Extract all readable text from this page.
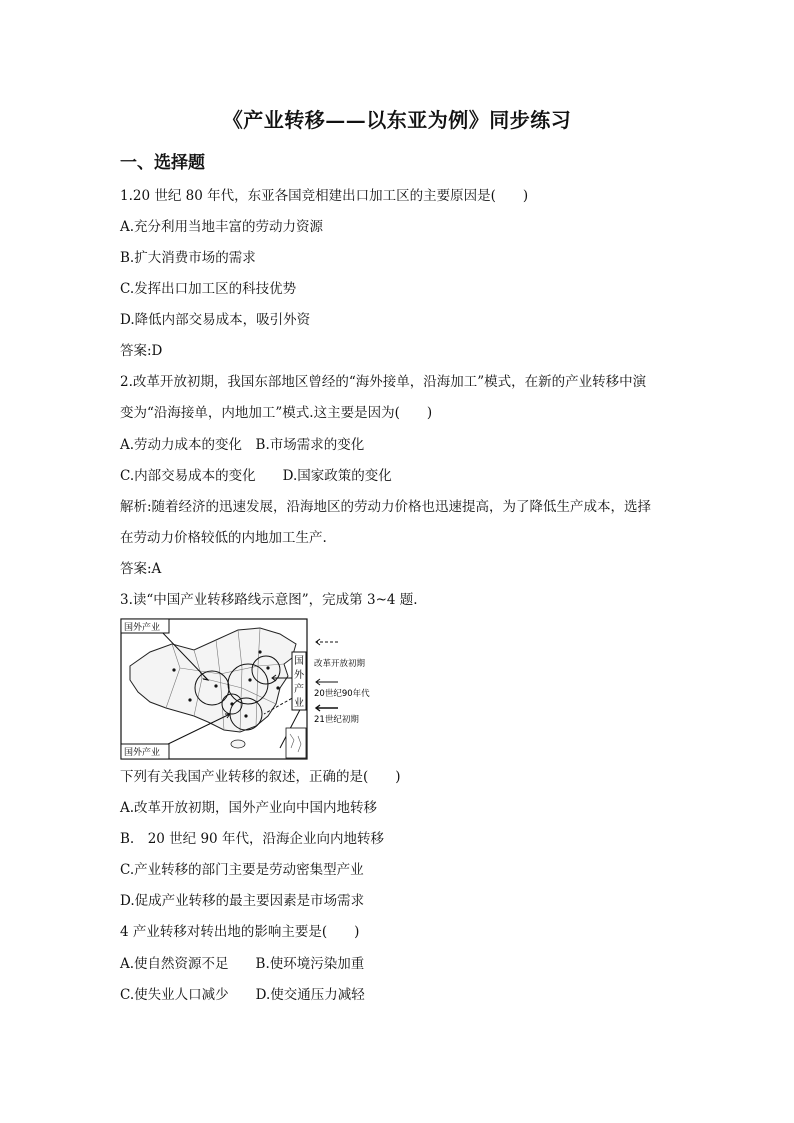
《产业转移——以东亚为例》同步练习
一、选择题
1.20 世纪 80 年代，东亚各国竞相建出口加工区的主要原因是(　　)
A.充分利用当地丰富的劳动力资源
B.扩大消费市场的需求
C.发挥出口加工区的科技优势
D.降低内部交易成本，吸引外资
答案:D
2.改革开放初期，我国东部地区曾经的“海外接单，沿海加工”模式，在新的产业转移中演
变为“沿海接单，内地加工”模式.这主要是因为(　　)
A.劳动力成本的变化　B.市场需求的变化
C.内部交易成本的变化　　D.国家政策的变化
解析:随着经济的迅速发展，沿海地区的劳动力价格也迅速提高，为了降低生产成本，选择
在劳动力价格较低的内地加工生产.
答案:A
3.读“中国产业转移路线示意图”，完成第 3~4 题.
国外产业
国外产业
国
外
产
业
改革开放初期
20世纪90年代
21世纪初期
下列有关我国产业转移的叙述，正确的是(　　)
A.改革开放初期，国外产业向中国内地转移
B.　20 世纪 90 年代，沿海企业向内地转移
C.产业转移的部门主要是劳动密集型产业
D.促成产业转移的最主要因素是市场需求
4 产业转移对转出地的影响主要是(　　)
A.使自然资源不足　　B.使环境污染加重
C.使失业人口减少　　D.使交通压力减轻
